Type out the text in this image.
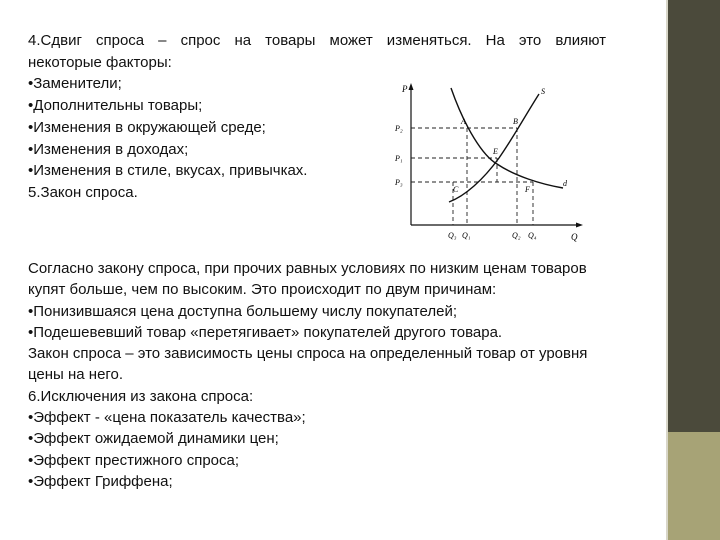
4.Сдвиг спроса – спрос на товары может изменяться. На это влияют
некоторые факторы:
•Заменители;
•Дополнительны товары;
•Изменения в окружающей среде;
•Изменения в доходах;
•Изменения в стиле, вкусах, привычках.
5.Закон спроса.
P
Q
P₂
P₁
P₃
Q₃ Q₁	Q₂ Q₄
A	B
E
C	F
S
d
Согласно закону спроса, при прочих равных условиях по низким ценам товаров
купят больше, чем по высоким. Это происходит по двум причинам:
•Понизившаяся цена доступна большему числу покупателей;
•Подешевевший товар «перетягивает» покупателей другого товара.
Закон спроса – это зависимость цены спроса на определенный товар от уровня
цены на него.
6.Исключения из закона спроса:
•Эффект - «цена показатель качества»;
•Эффект ожидаемой динамики цен;
•Эффект престижного спроса;
•Эффект Гриффена;
